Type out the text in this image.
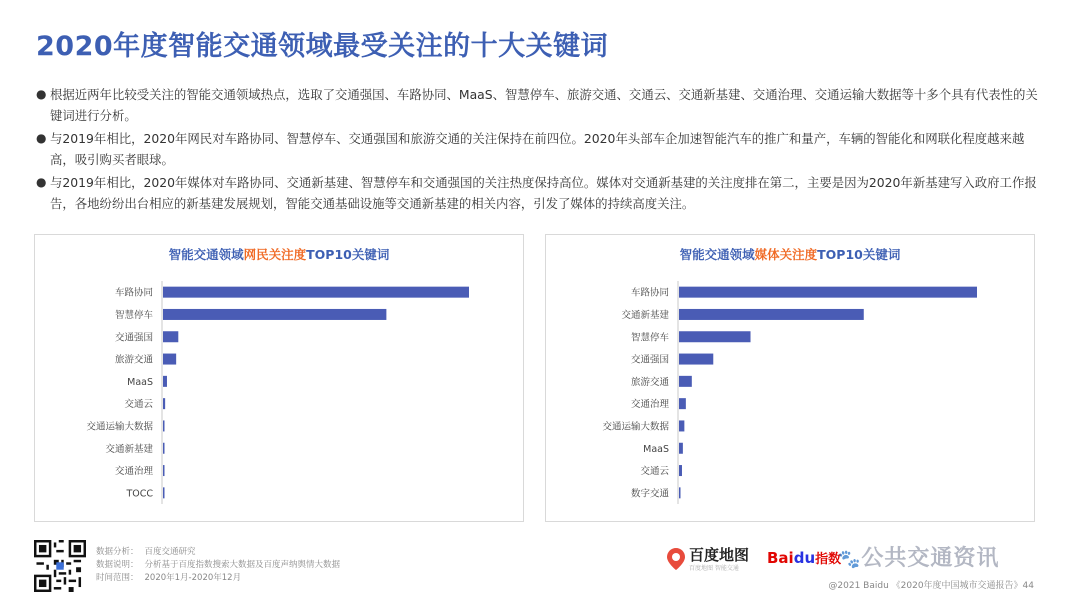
2020年度智能交通领域最受关注的十大关键词
● 根据近两年比较受关注的智能交通领域热点，选取了交通强国、车路协同、MaaS、智慧停车、旅游交通、交通云、交通新基建、交通治理、交通运输大数据等十多个具有代表性的关键词进行分析。
● 与2019年相比，2020年网民对车路协同、智慧停车、交通强国和旅游交通的关注保持在前四位。2020年头部车企加速智能汽车的推广和量产，车辆的智能化和网联化程度越来越高，吸引购买者眼球。
● 与2019年相比，2020年媒体对车路协同、交通新基建、智慧停车和交通强国的关注热度保持高位。媒体对交通新基建的关注度排在第二，主要是因为2020年新基建写入政府工作报告，各地纷纷出台相应的新基建发展规划，智能交通基础设施等交通新基建的相关内容，引发了媒体的持续高度关注。
智能交通领域网民关注度TOP10关键词
车路协同
智慧停车
交通强国
旅游交通
MaaS
交通云
交通运输大数据
交通新基建
交通治理
TOCC
智能交通领域媒体关注度TOP10关键词
车路协同
交通新基建
智慧停车
交通强国
旅游交通
交通治理
交通运输大数据
MaaS
交通云
数字交通
数据分析： 百度交通研究
数据说明： 分析基于百度指数搜索大数据及百度声纳舆情大数据
时间范围： 2020年1月-2020年12月
百度地图
百度地图 智能交通
Baidu指数
🐾公共交通资讯
@2021 Baidu 《2020年度中国城市交通报告》44
